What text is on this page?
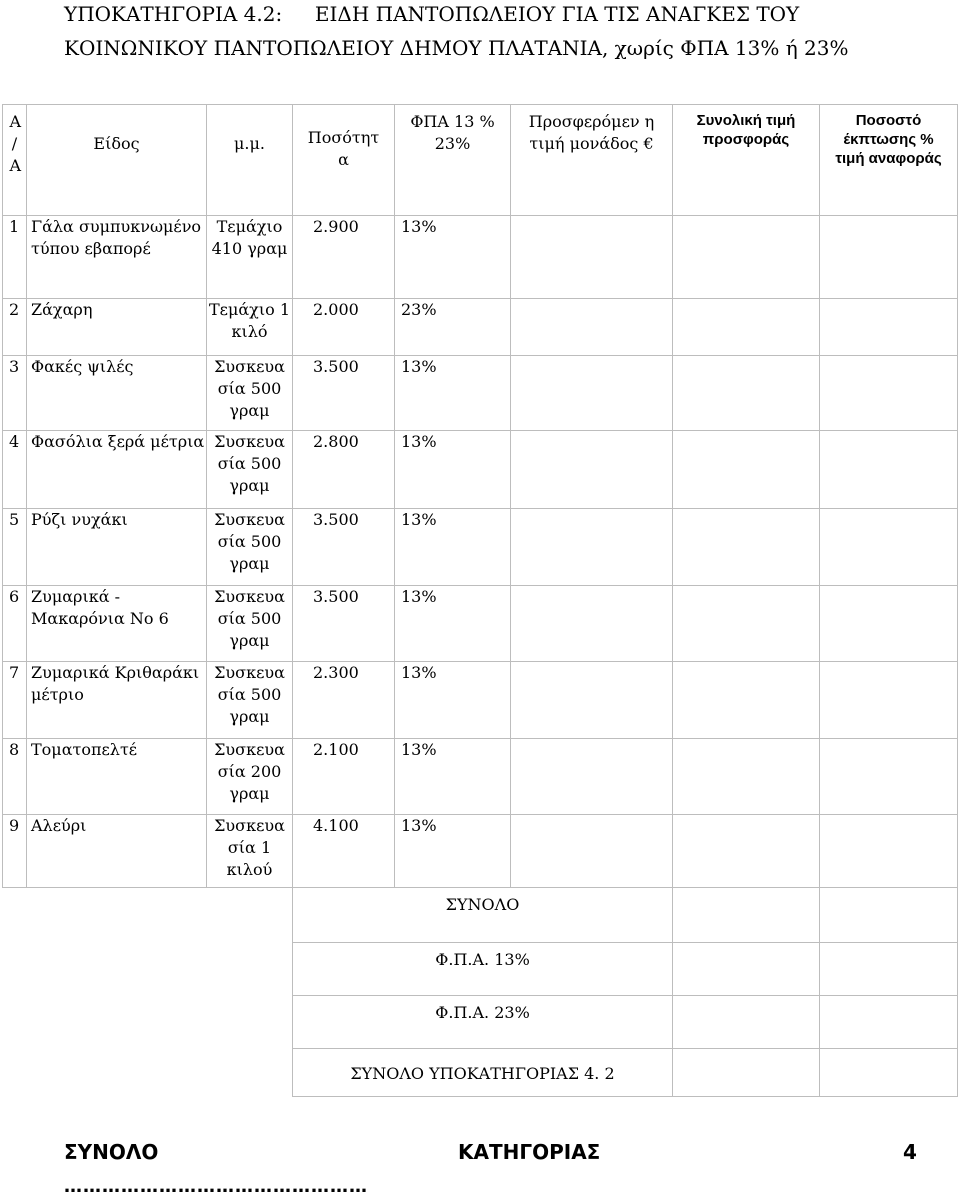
ΥΠΟΚΑΤΗΓΟΡΙΑ 4.2: ΕΙΔΗ ΠΑΝΤΟΠΩΛΕΙΟΥ ΓΙΑ ΤΙΣ ΑΝΑΓΚΕΣ ΤΟΥ
ΚΟΙΝΩΝΙΚΟΥ ΠΑΝΤΟΠΩΛΕΙΟΥ ΔΗΜΟΥ ΠΛΑΤΑΝΙΑ, χωρίς ΦΠΑ 13% ή 23%
Α / Α	Είδος	μ.μ.	Ποσότητ α	ΦΠΑ 13 % 23%	Προσφερόμεν η τιμή μονάδος €	Συνολική τιμή προσφοράς	Ποσοστό έκπτωσης % τιμή αναφοράς

1	Γάλα συμπυκνωμένο τύπου εβαπορέ	Τεμάχιο 410 γραμ	2.900	13%			
2	Ζάχαρη	Τεμάχιο 1 κιλό	2.000	23%			
3	Φακές ψιλές	Συσκευα σία 500 γραμ	3.500	13%			
4	Φασόλια ξερά μέτρια	Συσκευα σία 500 γραμ	2.800	13%			
5	Ρύζι νυχάκι	Συσκευα σία 500 γραμ	3.500	13%			
6	Ζυμαρικά - Μακαρόνια Νο 6	Συσκευα σία 500 γραμ	3.500	13%			
7	Ζυμαρικά Κριθαράκι μέτριο	Συσκευα σία 500 γραμ	2.300	13%			
8	Τοματοπελτέ	Συσκευα σία 200 γραμ	2.100	13%			
9	Αλεύρι	Συσκευα σία 1 κιλού	4.100	13%			
			ΣΥΝΟΛΟ				
			Φ.Π.Α. 13%				
			Φ.Π.Α. 23%				
			ΣΥΝΟΛΟ ΥΠΟΚΑΤΗΓΟΡΙΑΣ 4. 2				
ΣΥΝΟΛΟ	ΚΑΤΗΓΟΡΙΑΣ	4
…………………………………………
